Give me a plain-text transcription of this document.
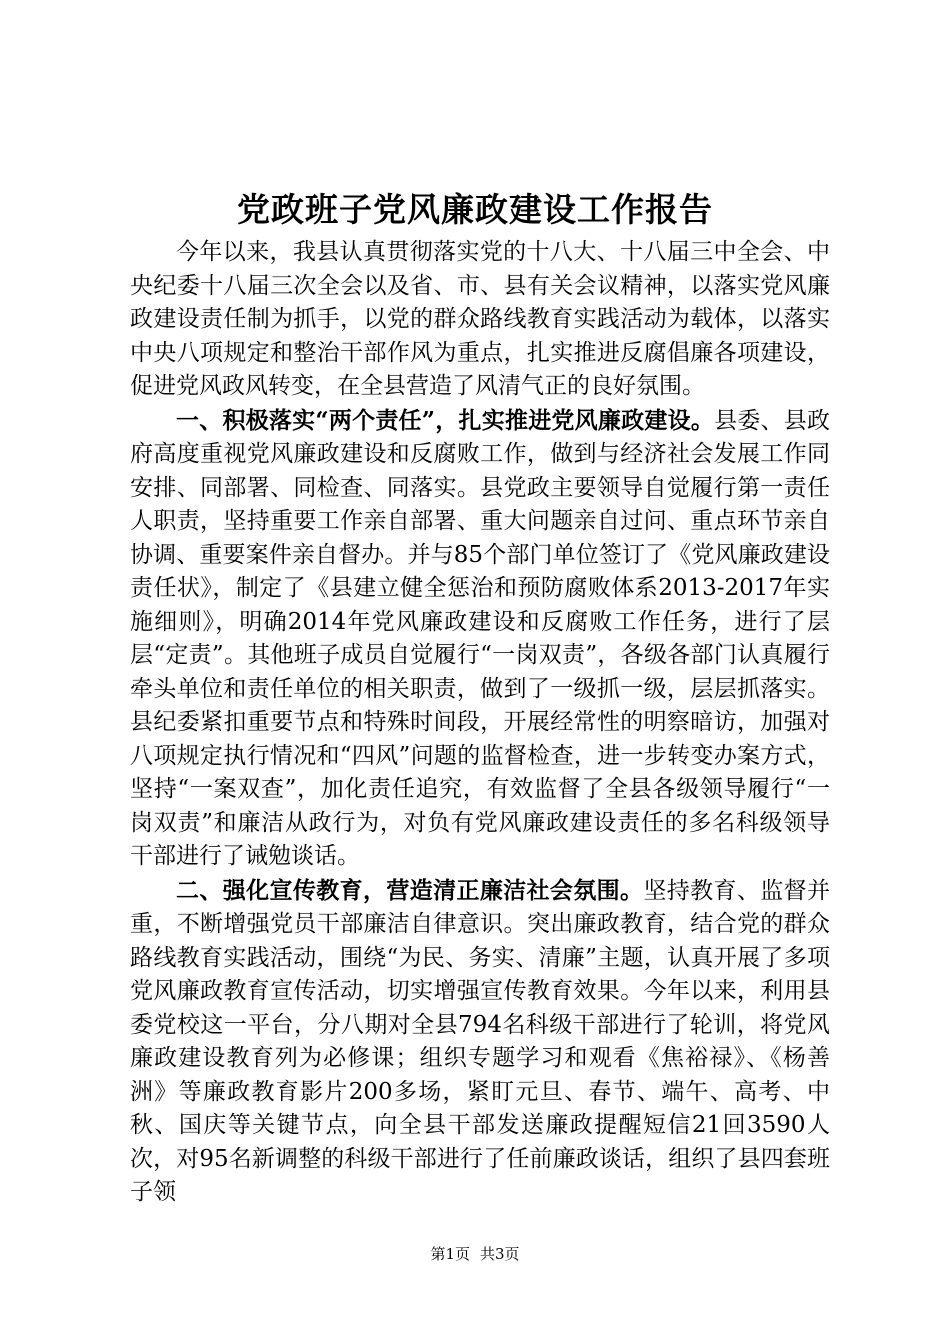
党政班子党风廉政建设工作报告

今年以来，我县认真贯彻落实党的十八大、十八届三中全会、中央纪委十八届三次全会以及省、市、县有关会议精神，以落实党风廉政建设责任制为抓手，以党的群众路线教育实践活动为载体，以落实中央八项规定和整治干部作风为重点，扎实推进反腐倡廉各项建设，促进党风政风转变，在全县营造了风清气正的良好氛围。

一、积极落实“两个责任”，扎实推进党风廉政建设。县委、县政府高度重视党风廉政建设和反腐败工作，做到与经济社会发展工作同安排、同部署、同检查、同落实。县党政主要领导自觉履行第一责任人职责，坚持重要工作亲自部署、重大问题亲自过问、重点环节亲自协调、重要案件亲自督办。并与85个部门单位签订了《党风廉政建设责任状》，制定了《县建立健全惩治和预防腐败体系2013-2017年实施细则》，明确2014年党风廉政建设和反腐败工作任务，进行了层层“定责”。其他班子成员自觉履行“一岗双责”，各级各部门认真履行牵头单位和责任单位的相关职责，做到了一级抓一级，层层抓落实。县纪委紧扣重要节点和特殊时间段，开展经常性的明察暗访，加强对八项规定执行情况和“四风”问题的监督检查，进一步转变办案方式，坚持“一案双查”，加化责任追究，有效监督了全县各级领导履行“一岗双责”和廉洁从政行为，对负有党风廉政建设责任的多名科级领导干部进行了诫勉谈话。

二、强化宣传教育，营造清正廉洁社会氛围。坚持教育、监督并重，不断增强党员干部廉洁自律意识。突出廉政教育，结合党的群众路线教育实践活动，围绕“为民、务实、清廉”主题，认真开展了多项党风廉政教育宣传活动，切实增强宣传教育效果。今年以来，利用县委党校这一平台，分八期对全县794名科级干部进行了轮训，将党风廉政建设教育列为必修课；组织专题学习和观看《焦裕禄》、《杨善洲》等廉政教育影片200多场，紧盯元旦、春节、端午、高考、中秋、国庆等关键节点，向全县干部发送廉政提醒短信21回3590人次，对95名新调整的科级干部进行了任前廉政谈话，组织了县四套班子领

第1页 共3页
